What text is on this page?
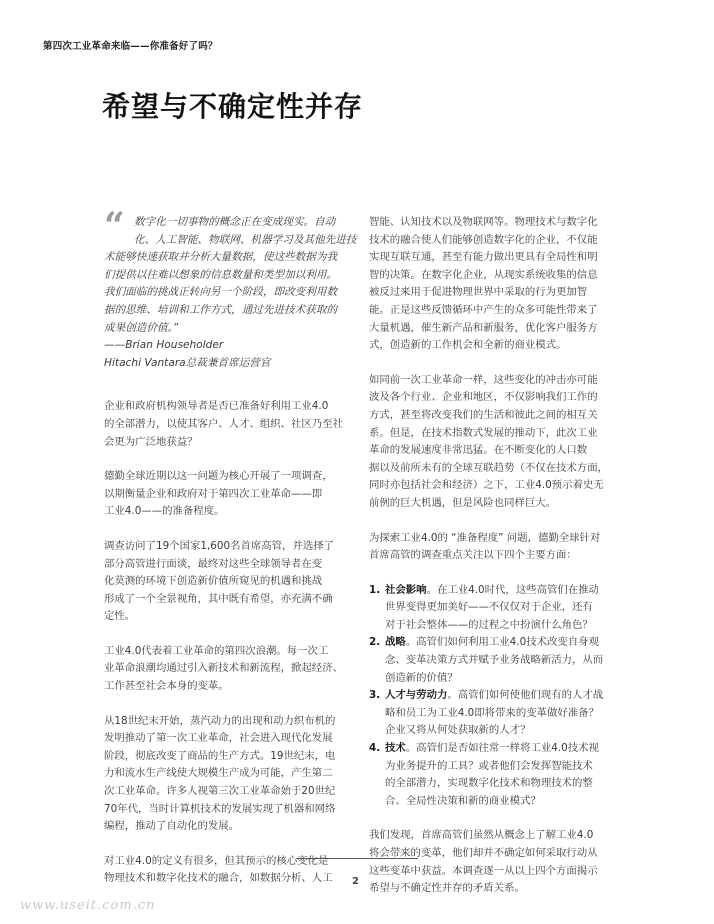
第四次工业革命来临——你准备好了吗？
希望与不确定性并存
“ 数字化一切事物的概念正在变成现实。自动
化、人工智能、物联网、机器学习及其他先进技
术能够快速获取并分析大量数据，使这些数据为我
们提供以往难以想象的信息数量和类型加以利用。
我们面临的挑战正转向另一个阶段，即改变利用数
据的思维、培训和工作方式，通过先进技术获取的
成果创造价值。”

——Brian Householder

Hitachi Vantara总裁兼首席运营官

企业和政府机构领导者是否已准备好利用工业4.0
的全部潜力，以使其客户、人才、组织、社区乃至社
会更为广泛地获益？

德勤全球近期以这一问题为核心开展了一项调查，
以期衡量企业和政府对于第四次工业革命——即
工业4.0——的准备程度。

调查访问了19个国家1,600名首席高管，并选择了
部分高管进行面谈，最终对这些全球领导者在变
化莫测的环境下创造新价值所窥见的机遇和挑战
形成了一个全景视角，其中既有希望，亦充满不确
定性。

工业4.0代表着工业革命的第四次浪潮。每一次工
业革命浪潮均通过引入新技术和新流程，掀起经济、
工作甚至社会本身的变革。

从18世纪末开始，蒸汽动力的出现和动力织布机的
发明推动了第一次工业革命，社会进入现代化发展
阶段，彻底改变了商品的生产方式。19世纪末，电
力和流水生产线使大规模生产成为可能，产生第二
次工业革命。许多人视第三次工业革命始于20世纪
70年代，当时计算机技术的发展实现了机器和网络
编程，推动了自动化的发展。

对工业4.0的定义有很多，但其预示的核心变化是
物理技术和数字化技术的融合，如数据分析、人工

智能、认知技术以及物联网等。物理技术与数字化
技术的融合使人们能够创造数字化的企业，不仅能
实现互联互通，甚至有能力做出更具有全局性和明
智的决策。在数字化企业，从现实系统收集的信息
被反过来用于促进物理世界中采取的行为更加智
能。正是这些反馈循环中产生的众多可能性带来了
大量机遇，催生新产品和新服务，优化客户服务方
式，创造新的工作机会和全新的商业模式。

如同前一次工业革命一样，这些变化的冲击亦可能
波及各个行业、企业和地区，不仅影响我们工作的
方式，甚至将改变我们的生活和彼此之间的相互关
系。但是，在技术指数式发展的推动下，此次工业
革命的发展速度非常迅猛。在不断变化的人口数
据以及前所未有的全球互联趋势（不仅在技术方面，
同时亦包括社会和经济）之下，工业4.0预示着史无
前例的巨大机遇，但是风险也同样巨大。

为探索工业4.0的 “准备程度” 问题，德勤全球针对
首席高管的调查重点关注以下四个主要方面：

1. 社会影响。在工业4.0时代，这些高管们在推动
世界变得更加美好——不仅仅对于企业，还有
对于社会整体——的过程之中扮演什么角色？
2. 战略。高管们如何利用工业4.0技术改变自身观
念、变革决策方式并赋予业务战略新活力，从而
创造新的价值？
3. 人才与劳动力。高管们如何使他们现有的人才战
略和员工为工业4.0即将带来的变革做好准备？
企业又将从何处获取新的人才？
4. 技术。高管们是否如往常一样将工业4.0技术视
为业务提升的工具？或者他们会发挥智能技术
的全部潜力，实现数字化技术和物理技术的整
合、全局性决策和新的商业模式？

我们发现，首席高管们虽然从概念上了解工业4.0
将会带来的变革，他们却并不确定如何采取行动从
这些变革中获益。本调查逐一从以上四个方面揭示
希望与不确定性并存的矛盾关系。

2
www.useit.com.cn
